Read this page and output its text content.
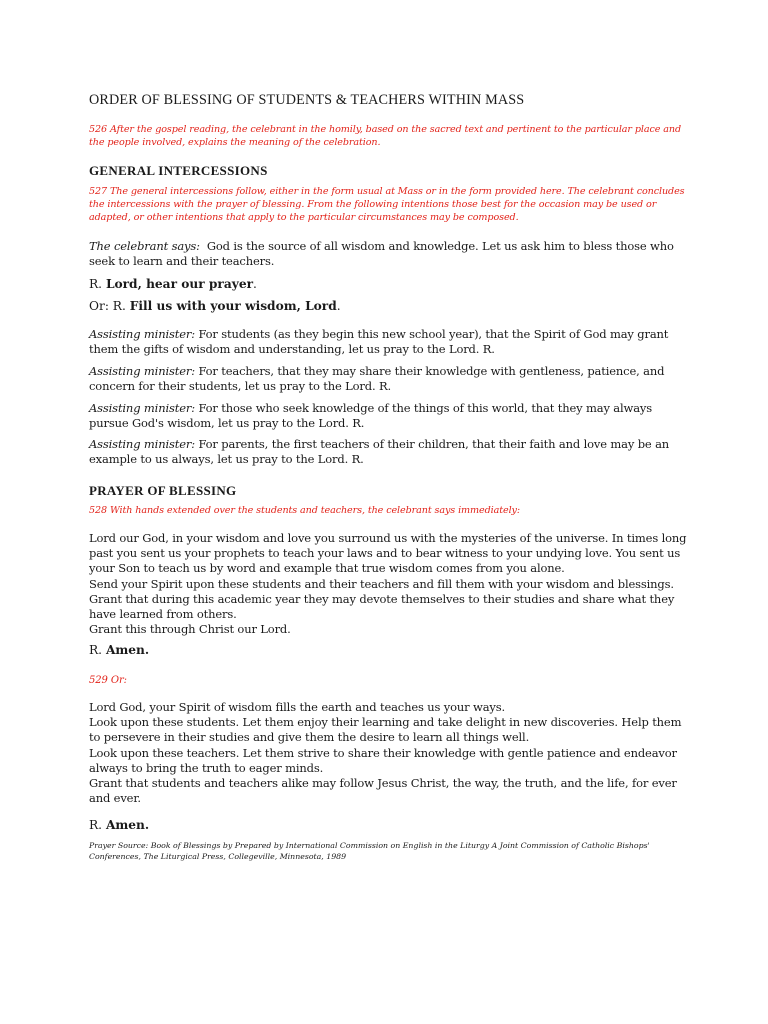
ORDER OF BLESSING OF STUDENTS & TEACHERS WITHIN MASS

526 After the gospel reading, the celebrant in the homily, based on the sacred text and pertinent to the particular place and the people involved, explains the meaning of the celebration.

GENERAL INTERCESSIONS

527 The general intercessions follow, either in the form usual at Mass or in the form provided here. The celebrant concludes the intercessions with the prayer of blessing. From the following intentions those best for the occasion may be used or adapted, or other intentions that apply to the particular circumstances may be composed.

The celebrant says: God is the source of all wisdom and knowledge. Let us ask him to bless those who seek to learn and their teachers.

R. Lord, hear our prayer.

Or: R. Fill us with your wisdom, Lord.

Assisting minister: For students (as they begin this new school year), that the Spirit of God may grant them the gifts of wisdom and understanding, let us pray to the Lord. R.

Assisting minister: For teachers, that they may share their knowledge with gentleness, patience, and concern for their students, let us pray to the Lord. R.

Assisting minister: For those who seek knowledge of the things of this world, that they may always pursue God's wisdom, let us pray to the Lord. R.

Assisting minister: For parents, the first teachers of their children, that their faith and love may be an example to us always, let us pray to the Lord. R.

PRAYER OF BLESSING

528 With hands extended over the students and teachers, the celebrant says immediately:

Lord our God, in your wisdom and love you surround us with the mysteries of the universe. In times long past you sent us your prophets to teach your laws and to bear witness to your undying love. You sent us your Son to teach us by word and example that true wisdom comes from you alone.

Send your Spirit upon these students and their teachers and fill them with your wisdom and blessings.

Grant that during this academic year they may devote themselves to their studies and share what they have learned from others.

Grant this through Christ our Lord.

R. Amen.

529 Or:

Lord God, your Spirit of wisdom fills the earth and teaches us your ways.

Look upon these students. Let them enjoy their learning and take delight in new discoveries. Help them to persevere in their studies and give them the desire to learn all things well.

Look upon these teachers. Let them strive to share their knowledge with gentle patience and endeavor always to bring the truth to eager minds.

Grant that students and teachers alike may follow Jesus Christ, the way, the truth, and the life, for ever and ever.

R. Amen.

Prayer Source: Book of Blessings by Prepared by International Commission on English in the Liturgy A Joint Commission of Catholic Bishops' Conferences, The Liturgical Press, Collegeville, Minnesota, 1989
